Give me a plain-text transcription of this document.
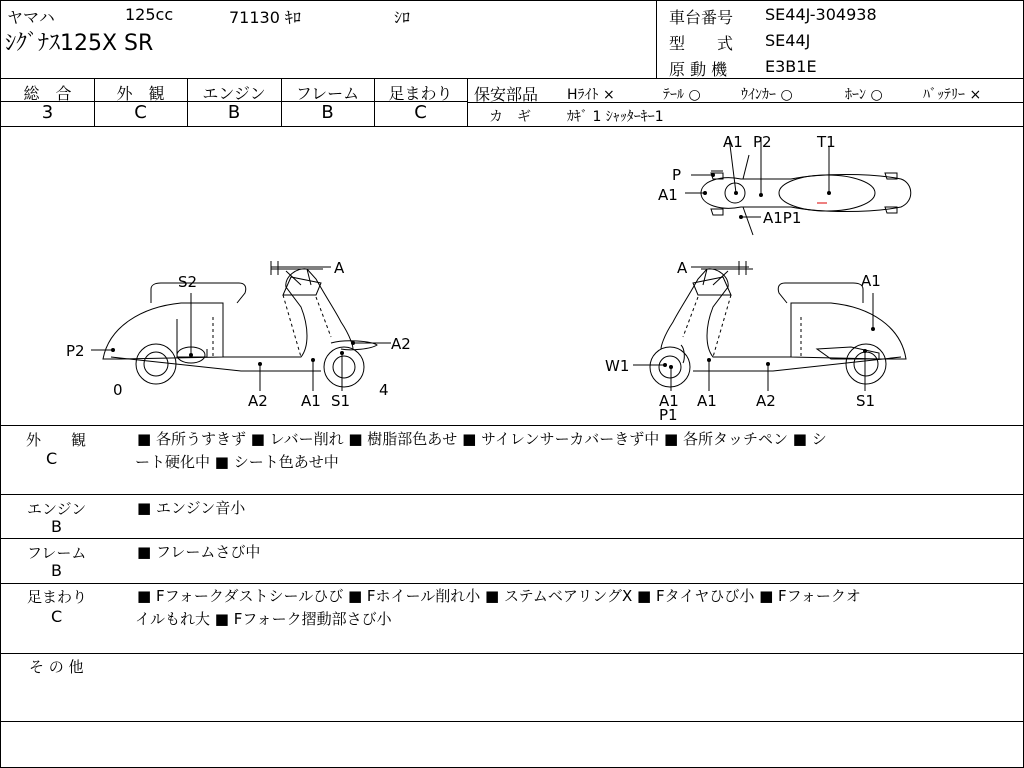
ヤマハ	125cc	71130 ｷﾛ	ｼﾛ
ｼｸﾞﾅｽ125X SR
車台番号 SE44J-304938
型　　式 SE44J
原 動 機 E3B1E
総　合
3
外　観
C
エンジン
B
フレーム
B
足まわり
C
保安部品 Hﾗｲﾄ ×	ﾃｰﾙ ○	ｳｲﾝｶｰ ○	ﾎｰﾝ ○	ﾊﾞｯﾃﾘｰ ×
カ　ギ	ｶｷﾞ 1 ｼｬｯﾀｰｷｰ1
S2
A
P2	A2
0
A2 A1 S1
4
A1 P2	T1
P
A1
A1P1
A
A1
W1
A1
P1
A1	A2	S1
外　　観
C
■ 各所うすきず ■ レバー削れ ■ 樹脂部色あせ ■ サイレンサーカバーきず中 ■ 各所タッチペン ■ シ
ート硬化中 ■ シート色あせ中
エンジン
B
■ エンジン音小
フレーム
B
■ フレームさび中
足まわり
C
■ Fフォークダストシールひび ■ Fホイール削れ小 ■ ステムベアリングX ■ Fタイヤひび小 ■ Fフォークオ
イルもれ大 ■ Fフォーク摺動部さび小
そ の 他
